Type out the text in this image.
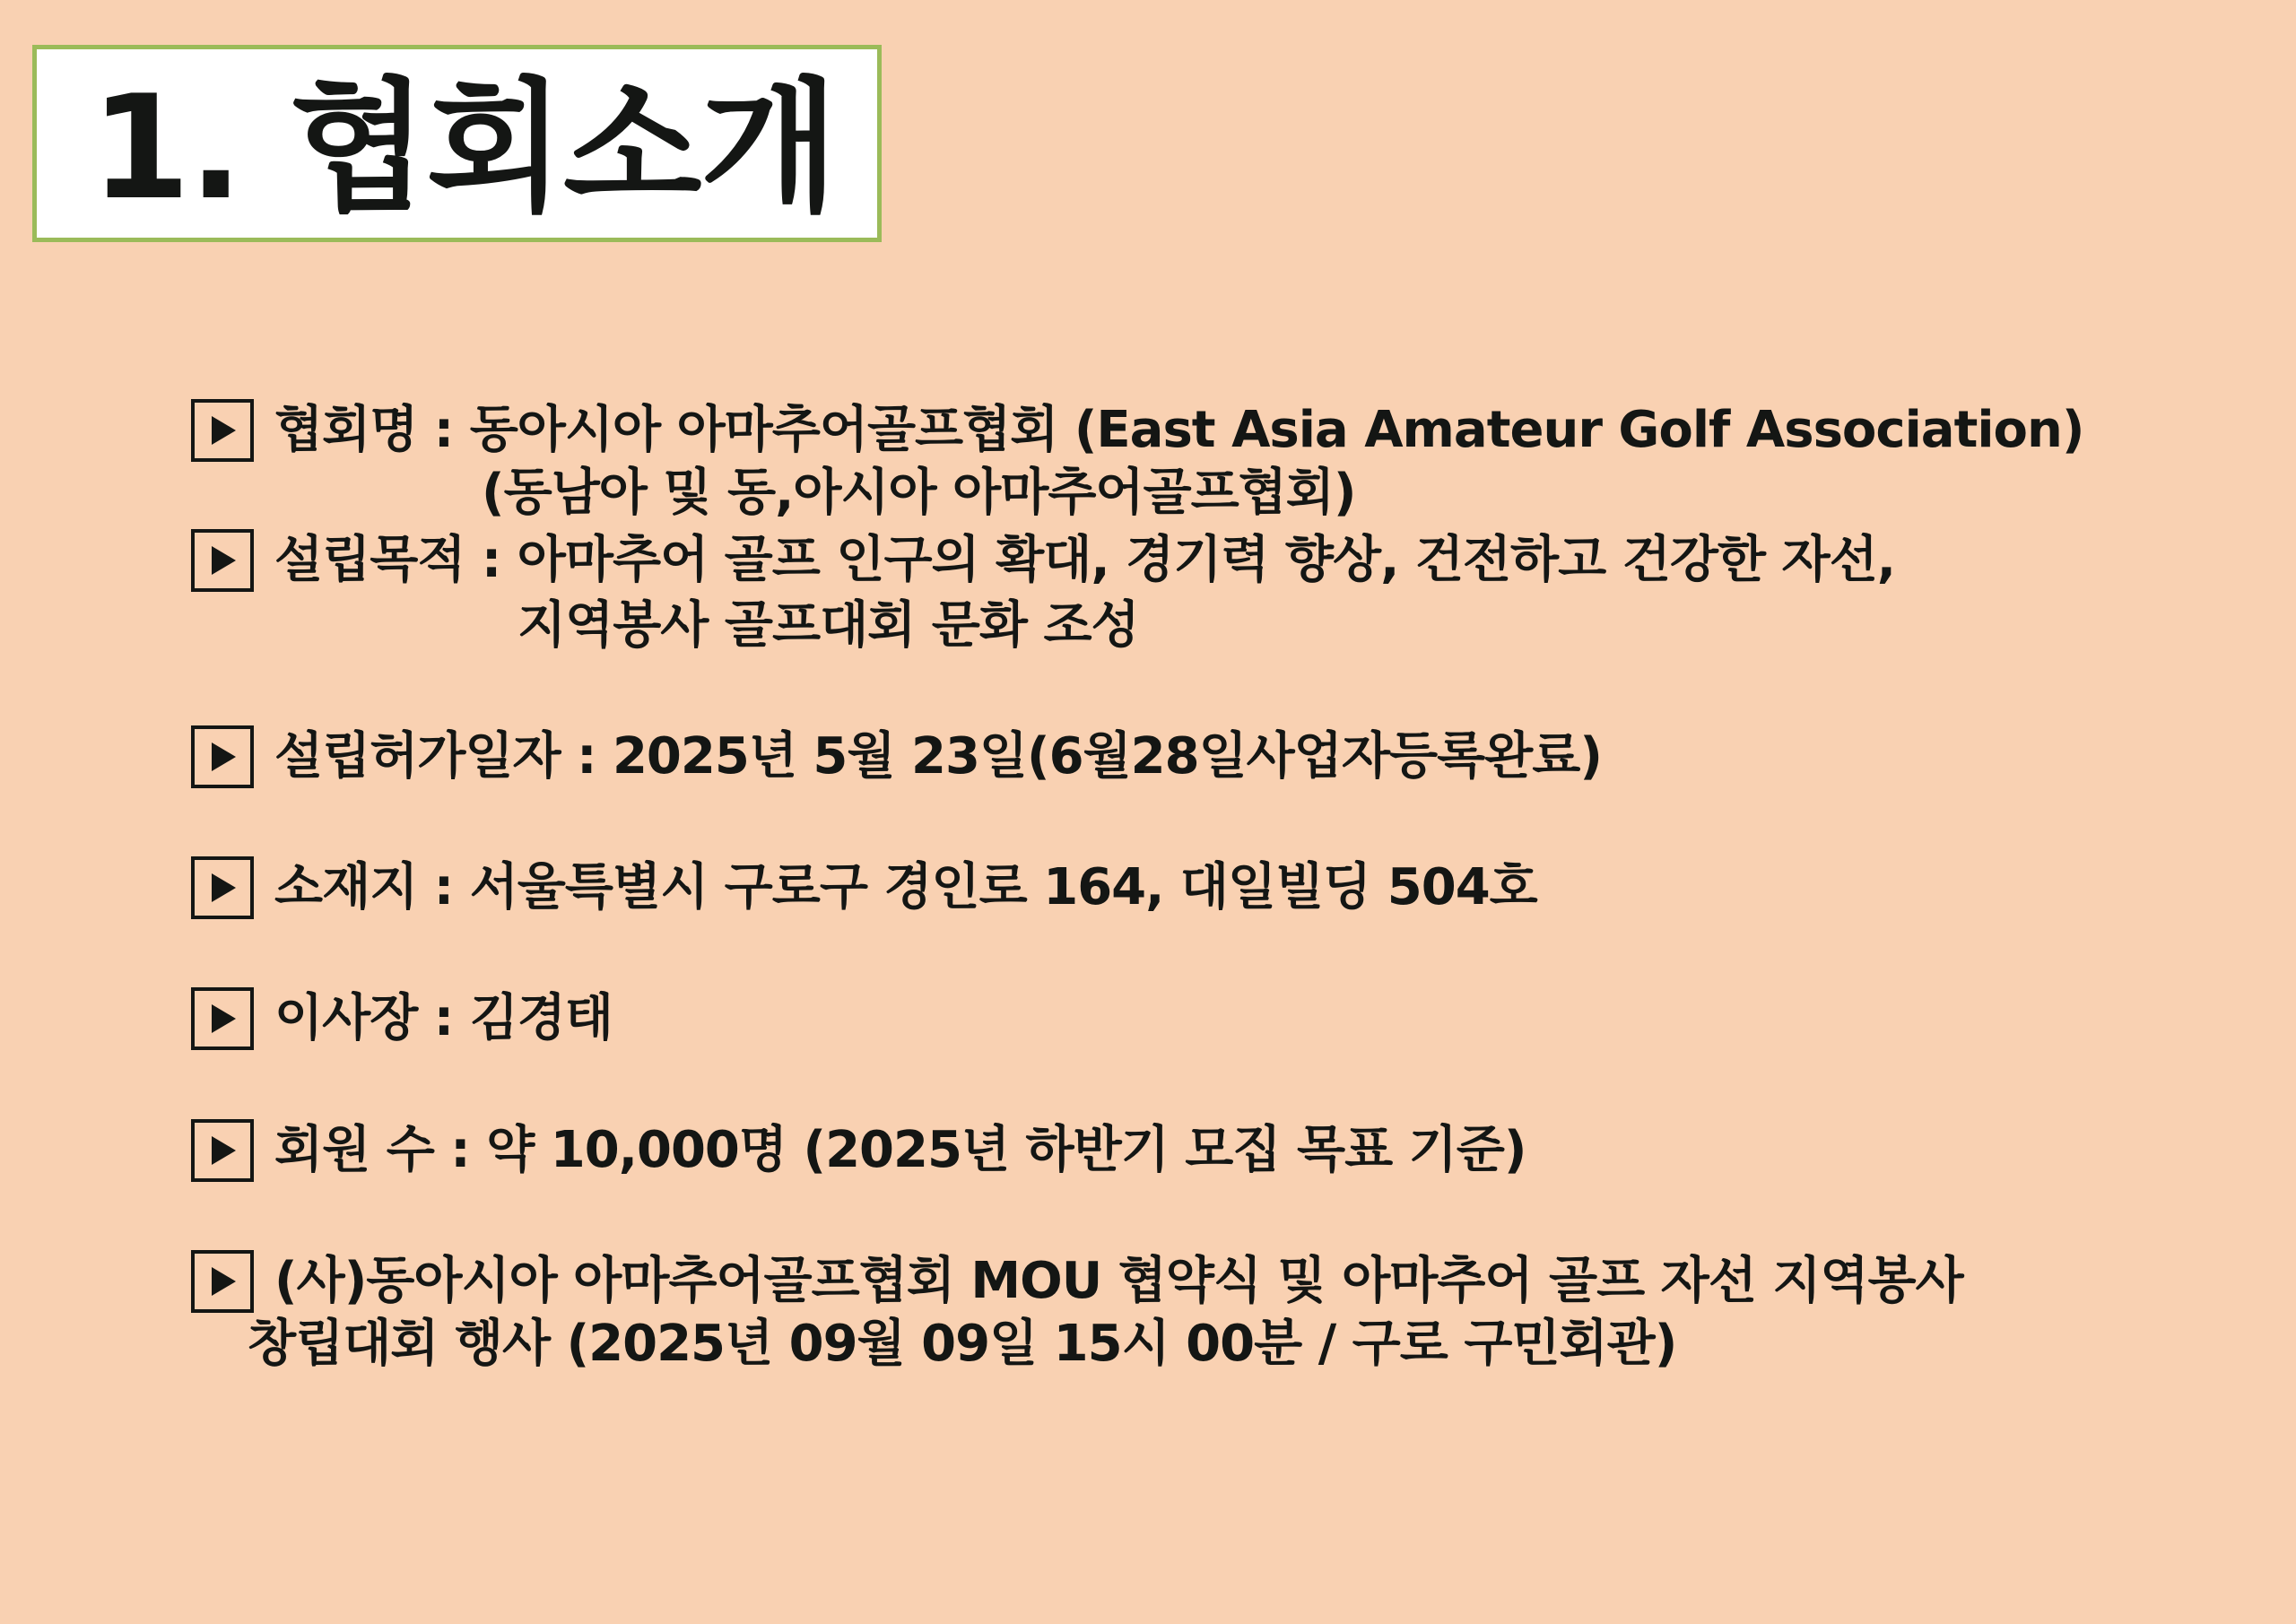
1. 협회소개
협회명 : 동아시아 아마추어골프협회 (East Asia Amateur Golf Association)
(동남아 및 동,아시아 아마추어골프협회)
설립목적 : 아마추어 골프 인구의 확대, 경기력 향상, 건전하고 건강한 자선,
지역봉사 골프대회 문화 조성
설립허가일자 : 2025년 5월 23일(6월28일사업자등록완료)
소재지 : 서울특별시 구로구 경인로 164, 대일빌딩 504호
이사장 : 김경태
회원 수 : 약 10,000명 (2025년 하반기 모집 목표 기준)
(사)동아시아 아마추어골프협회 MOU 협약식 및 아마추어 골프 자선 지역봉사
창립대회 행사 (2025년 09월 09일 15시 00분 / 구로 구민회관)
